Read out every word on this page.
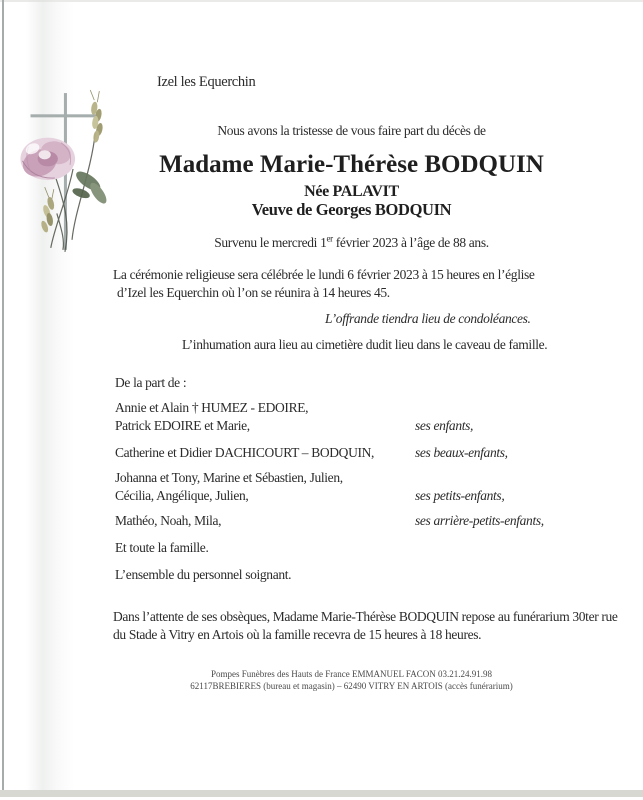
Izel les Equerchin
Nous avons la tristesse de vous faire part du décès de
Madame Marie-Thérèse BODQUIN
Née PALAVIT
Veuve de Georges BODQUIN
Survenu le mercredi 1er février 2023 à l’âge de 88 ans.
La cérémonie religieuse sera célébrée le lundi 6 février 2023 à 15 heures en l’église
d’Izel les Equerchin où l’on se réunira à 14 heures 45.
L’offrande tiendra lieu de condoléances.
L’inhumation aura lieu au cimetière dudit lieu dans le caveau de famille.
De la part de :
Annie et Alain † HUMEZ - EDOIRE,
Patrick EDOIRE et Marie,	ses enfants,
Catherine et Didier DACHICOURT – BODQUIN,	ses beaux-enfants,
Johanna et Tony, Marine et Sébastien, Julien,
Cécilia, Angélique, Julien,	ses petits-enfants,
Mathéo, Noah, Mila,	ses arrière-petits-enfants,
Et toute la famille.
L’ensemble du personnel soignant.
Dans l’attente de ses obsèques, Madame Marie-Thérèse BODQUIN repose au funérarium 30ter rue
du Stade à Vitry en Artois où la famille recevra de 15 heures à 18 heures.
Pompes Funèbres des Hauts de France EMMANUEL FACON 03.21.24.91.98
62117BREBIERES (bureau et magasin) – 62490 VITRY EN ARTOIS (accès funérarium)
